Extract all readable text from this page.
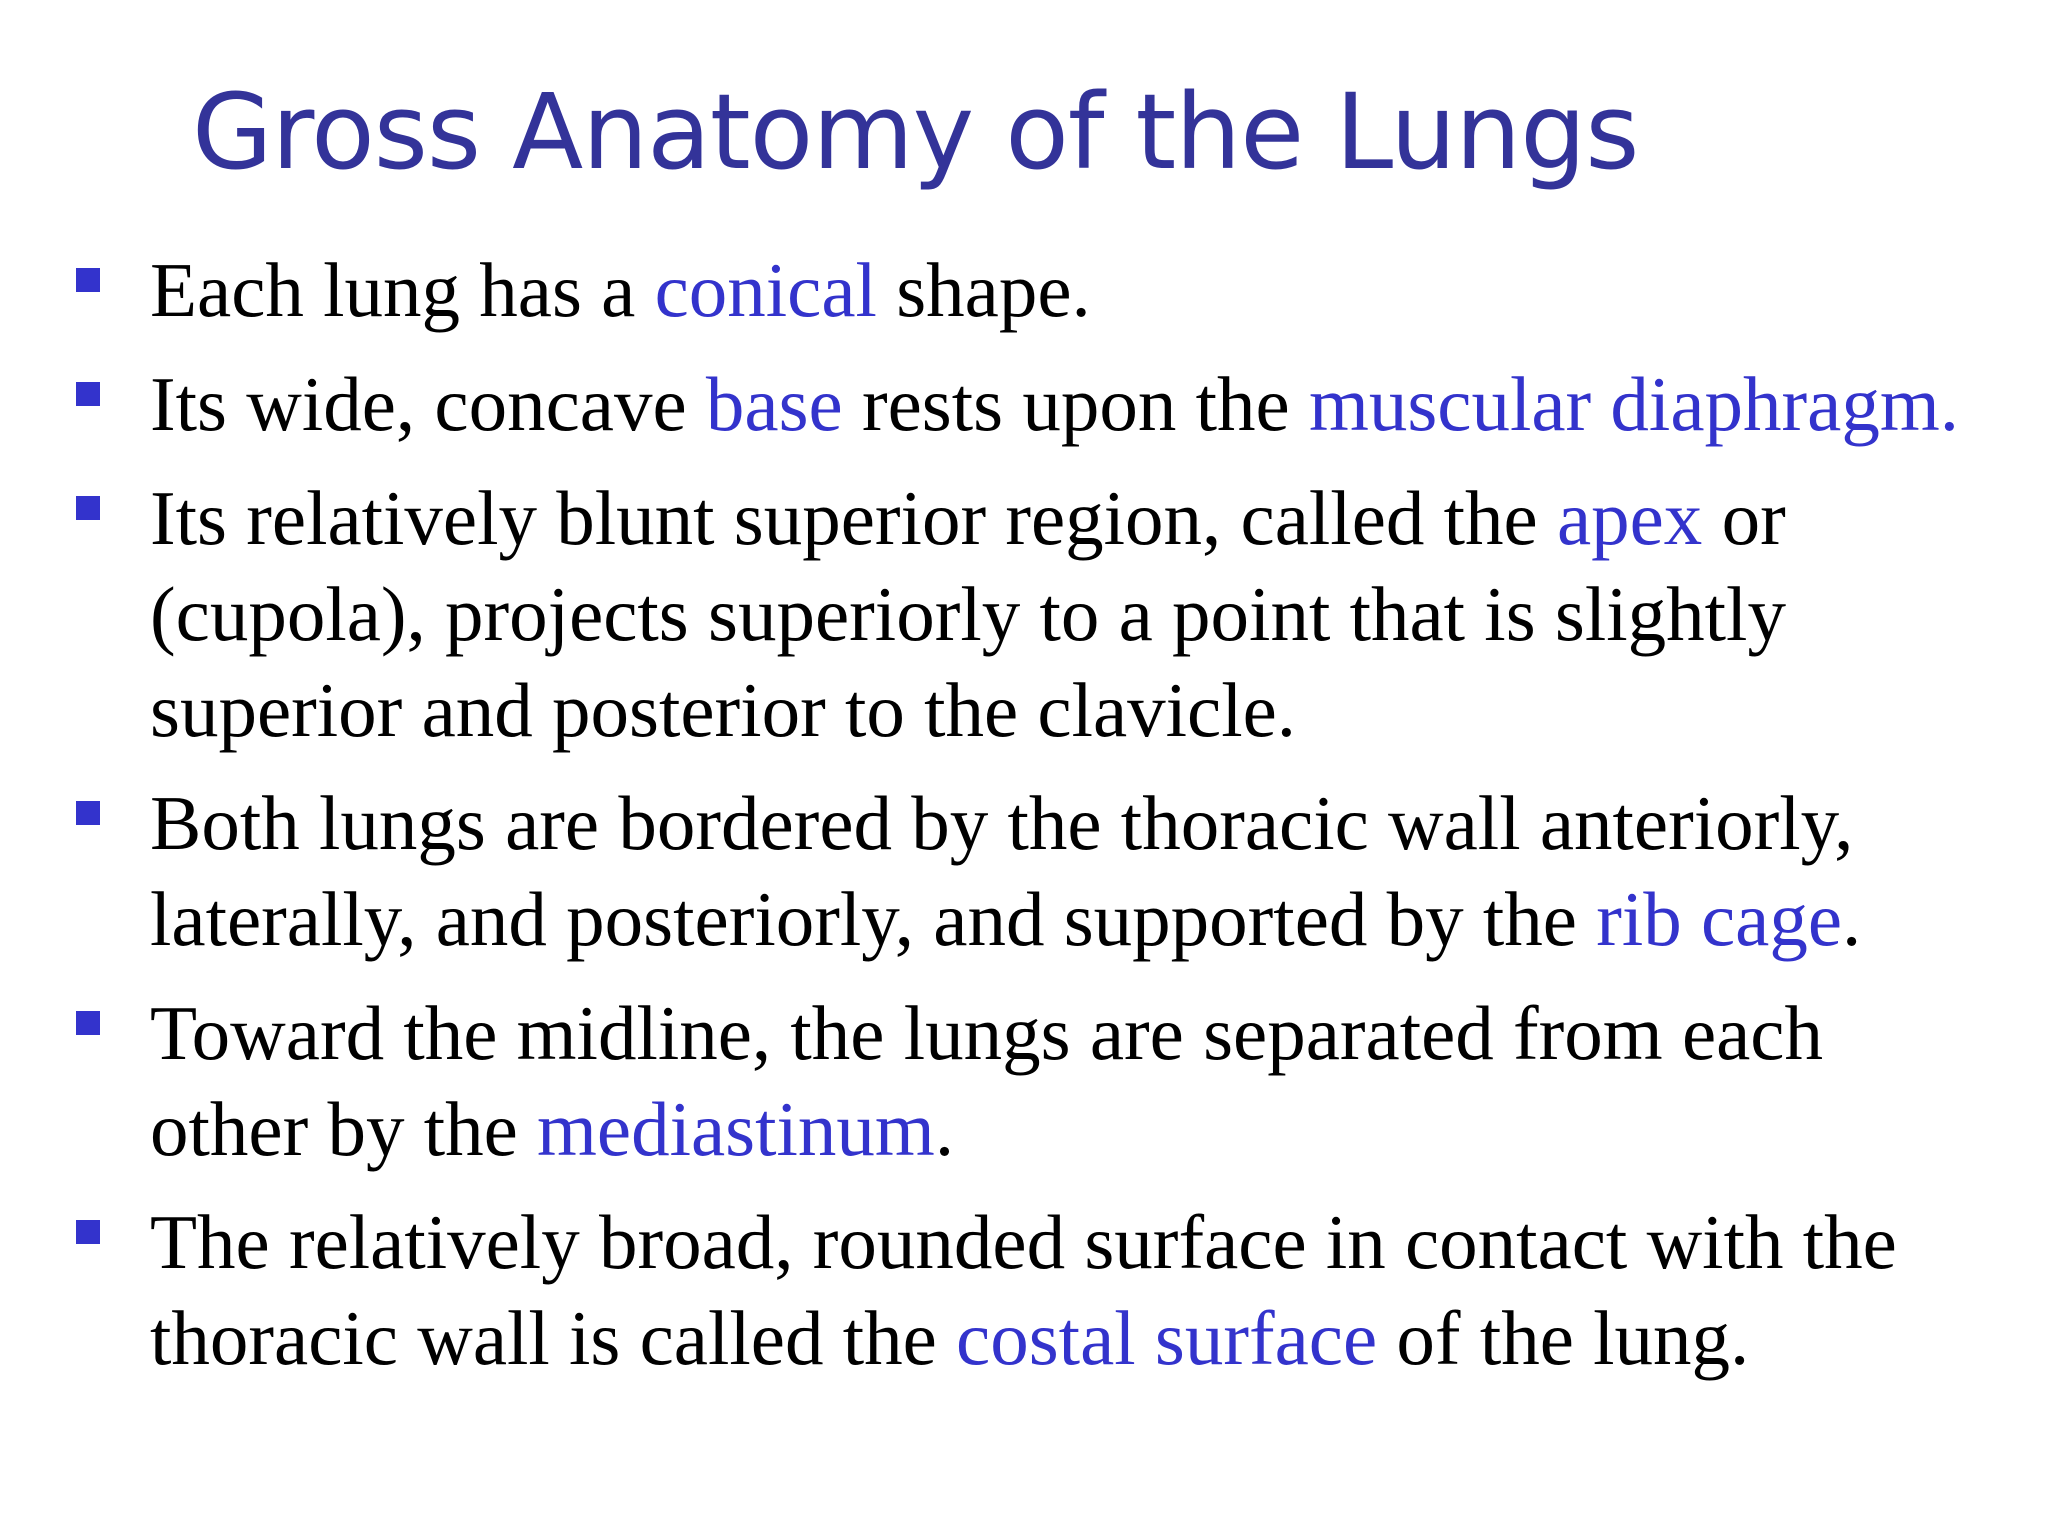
Gross Anatomy of the Lungs
Each lung has a conical shape.
Its wide, concave base rests upon the muscular diaphragm.
Its relatively blunt superior region, called the apex or
(cupola), projects superiorly to a point that is slightly
superior and posterior to the clavicle.
Both lungs are bordered by the thoracic wall anteriorly,
laterally, and posteriorly, and supported by the rib cage.
Toward the midline, the lungs are separated from each
other by the mediastinum.
The relatively broad, rounded surface in contact with the
thoracic wall is called the costal surface of the lung.
